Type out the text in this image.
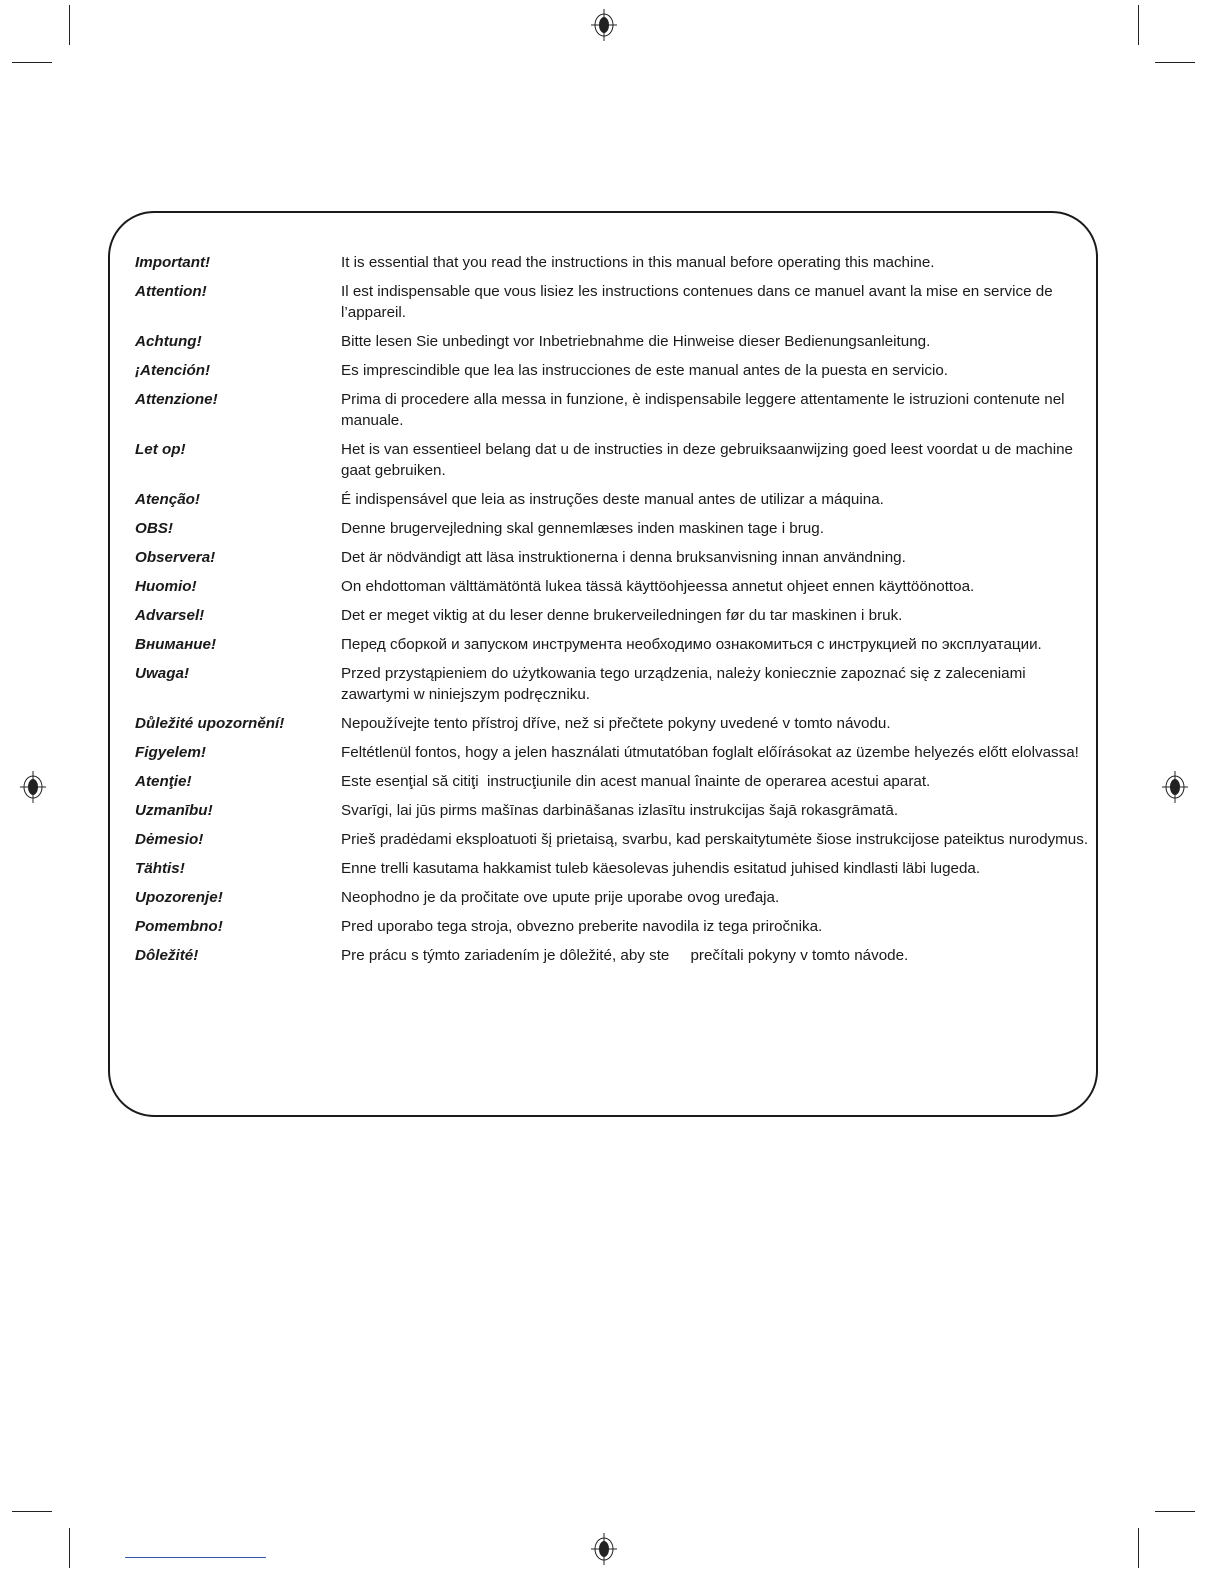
Important!	It is essential that you read the instructions in this manual before operating this machine.
Attention!	Il est indispensable que vous lisiez les instructions contenues dans ce manuel avant la mise en service de l’appareil.
Achtung!	Bitte lesen Sie unbedingt vor Inbetriebnahme die Hinweise dieser Bedienungsanleitung.
¡Atención!	Es imprescindible que lea las instrucciones de este manual antes de la puesta en servicio.
Attenzione!	Prima di procedere alla messa in funzione, è indispensabile leggere attentamente le istruzioni contenute nel manuale.
Let op!	Het is van essentieel belang dat u de instructies in deze gebruiksaanwijzing goed leest voordat u de machine gaat gebruiken.
Atenção!	É indispensável que leia as instruções deste manual antes de utilizar a máquina.
OBS!	Denne brugervejledning skal gennemlæses inden maskinen tage i brug.
Observera!	Det är nödvändigt att läsa instruktionerna i denna bruksanvisning innan användning.
Huomio!	On ehdottoman välttämätöntä lukea tässä käyttöohjeessa annetut ohjeet ennen käyttöönottoa.
Advarsel!	Det er meget viktig at du leser denne brukerveiledningen før du tar maskinen i bruk.
Внимание!	Перед сборкой и запуском инструмента необходимо ознакомиться с инструкцией по эксплуатации.
Uwaga!	Przed przystąpieniem do użytkowania tego urządzenia, należy koniecznie zapoznać się z zaleceniami zawartymi w niniejszym podręczniku.
Důležité upozornění!	Nepoužívejte tento přístroj dříve, než si přečtete pokyny uvedené v tomto návodu.
Figyelem!	Feltétlenül fontos, hogy a jelen használati útmutatóban foglalt előírásokat az üzembe helyezés előtt elolvassa!
Atenţie!	Este esenţial să citiţi  instrucţiunile din acest manual înainte de operarea acestui aparat.
Uzmanību!	Svarīgi, lai jūs pirms mašīnas darbināšanas izlasītu instrukcijas šajā rokasgrāmatā.
Dėmesio!	Prieš pradėdami eksploatuoti šį prietaisą, svarbu, kad perskaitytumėte šiose instrukcijose pateiktus nurodymus.
Tähtis!	Enne trelli kasutama hakkamist tuleb käesolevas juhendis esitatud juhised kindlasti läbi lugeda.
Upozorenje!	Neophodno je da pročitate ove upute prije uporabe ovog uređaja.
Pomembno!	Pred uporabo tega stroja, obvezno preberite navodila iz tega priročnika.
Dôležité!	Pre prácu s týmto zariadením je dôležité, aby ste     prečítali pokyny v tomto návode.
